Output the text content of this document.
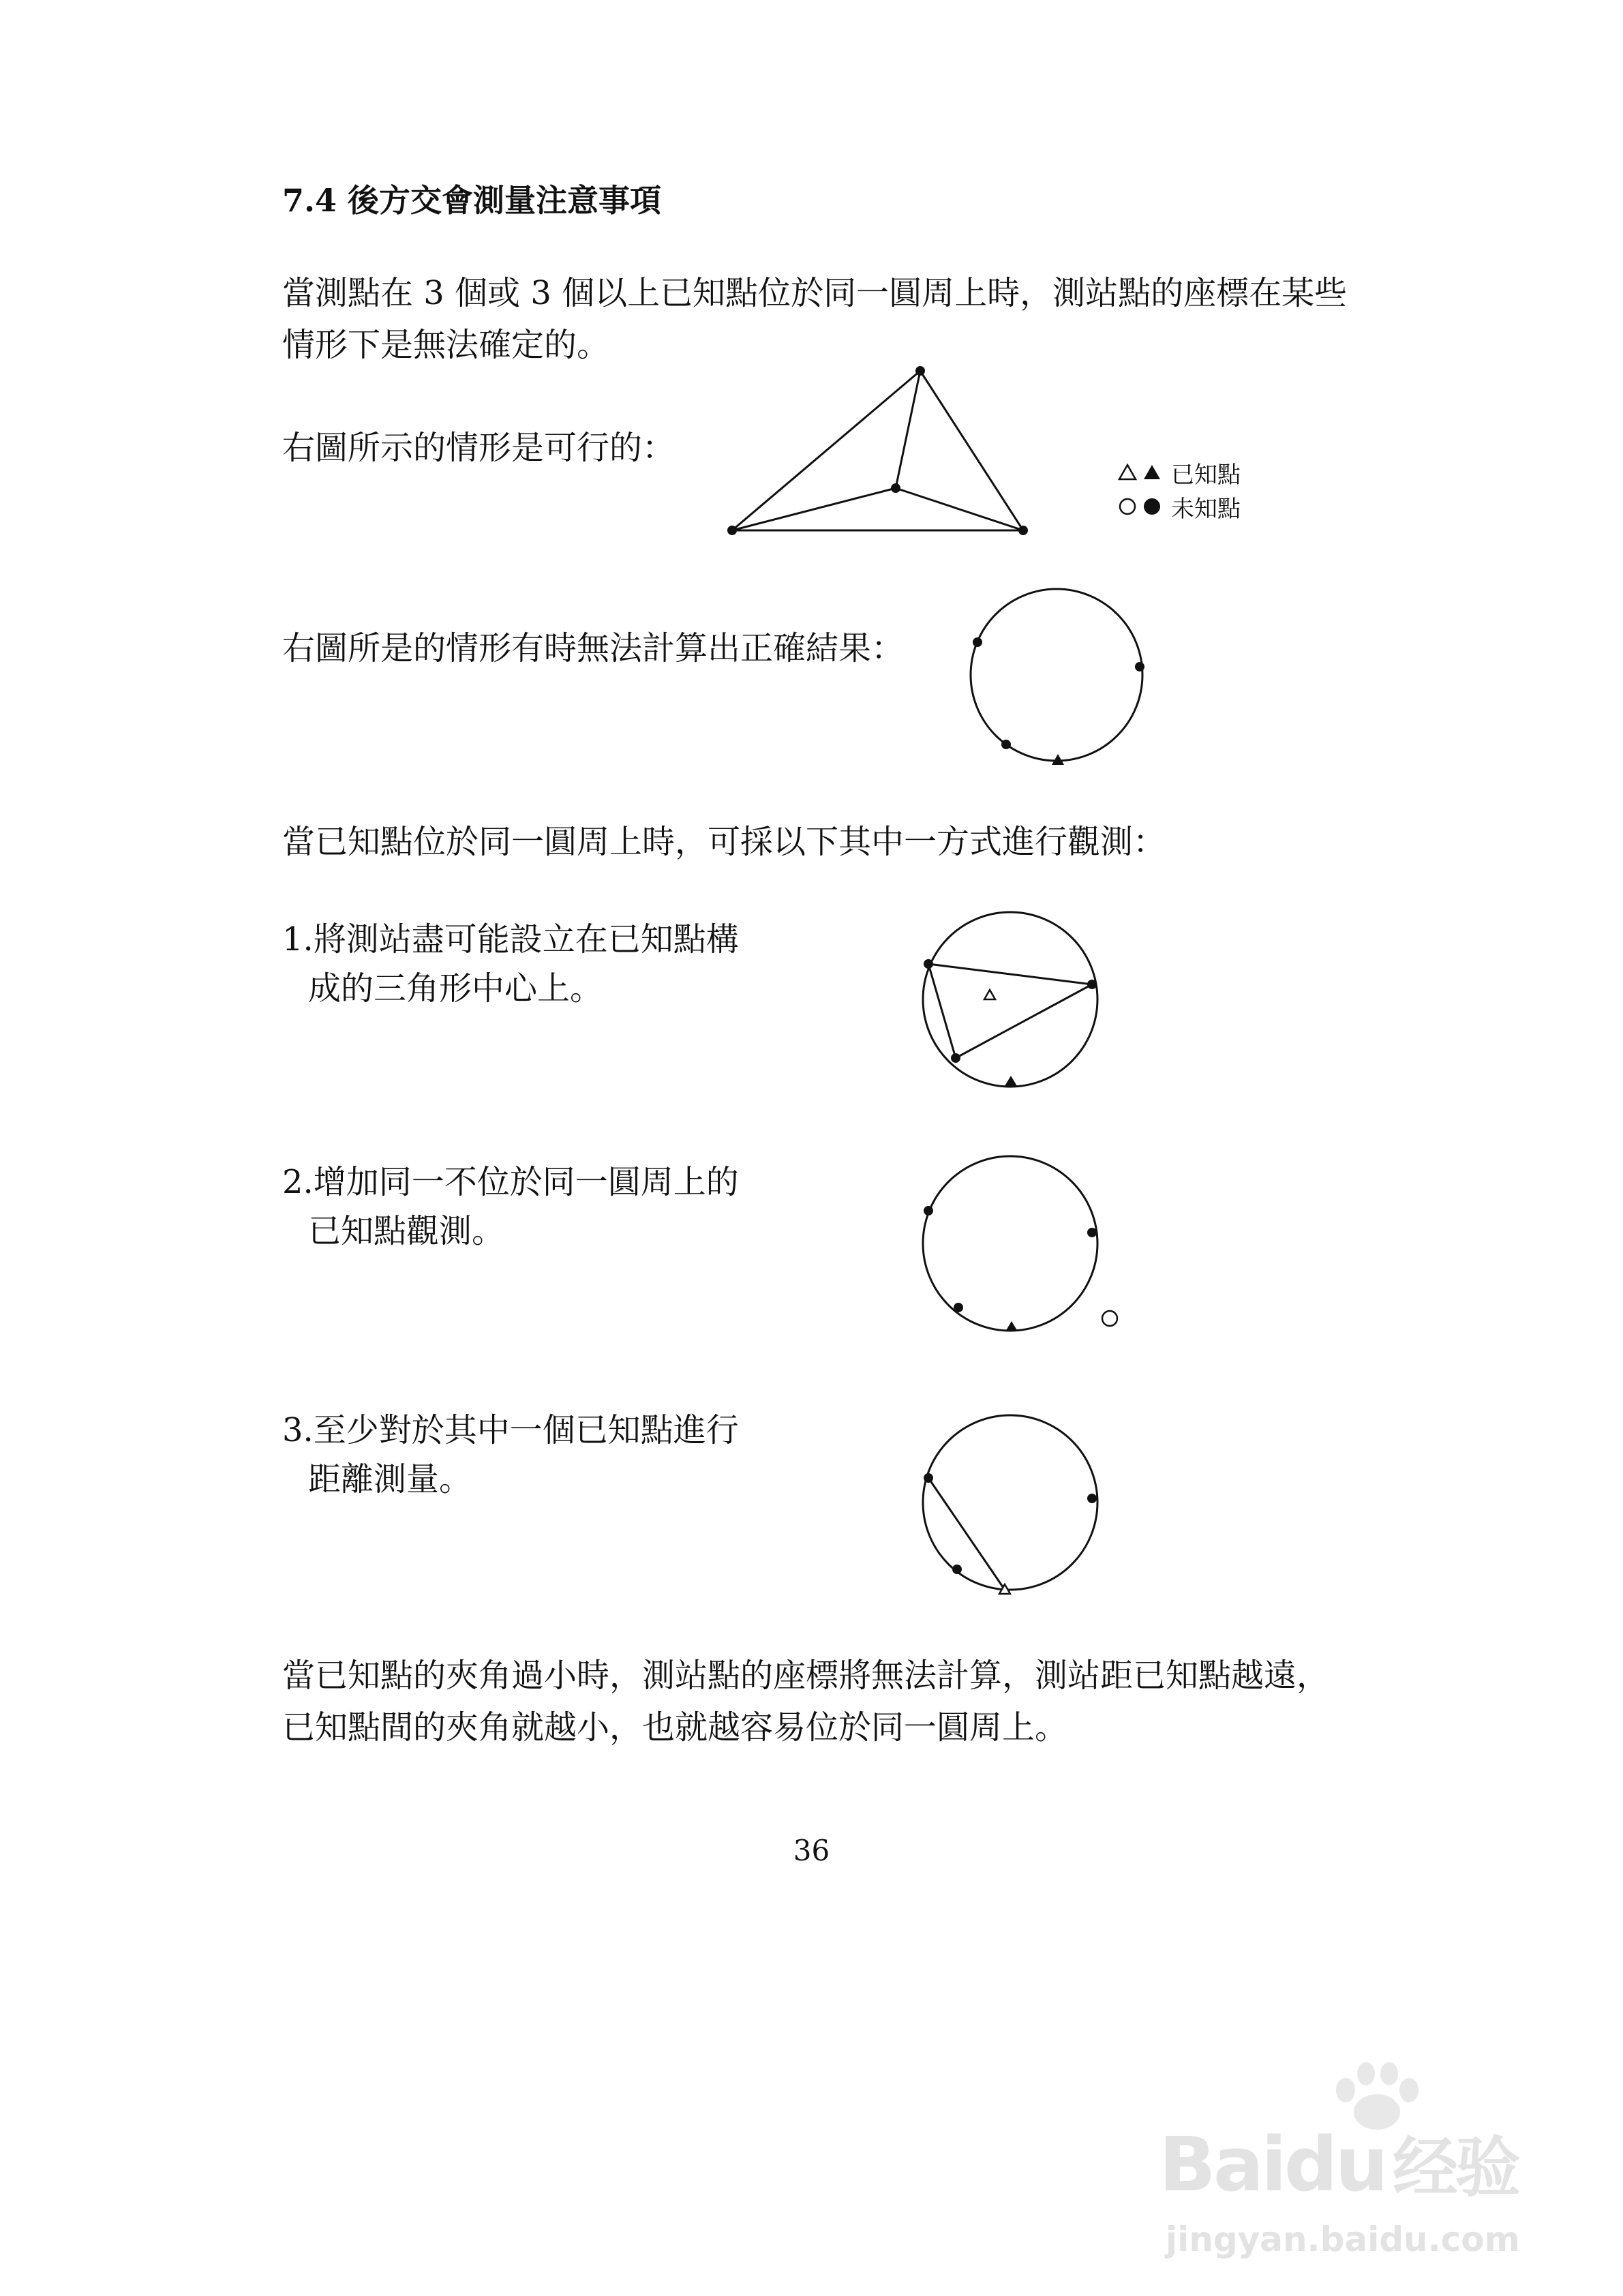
7.4 後方交會測量注意事項
當測點在 3 個或 3 個以上已知點位於同一圓周上時，測站點的座標在某些
情形下是無法確定的。
右圖所示的情形是可行的：
已知點
未知點
右圖所是的情形有時無法計算出正確結果：
當已知點位於同一圓周上時，可採以下其中一方式進行觀測：
1.將測站盡可能設立在已知點構
成的三角形中心上。
2.增加同一不位於同一圓周上的
已知點觀測。
3.至少對於其中一個已知點進行
距離測量。
當已知點的夾角過小時，測站點的座標將無法計算，測站距已知點越遠，
已知點間的夾角就越小，也就越容易位於同一圓周上。
36
Baidu 经验
jingyan.baidu.com
